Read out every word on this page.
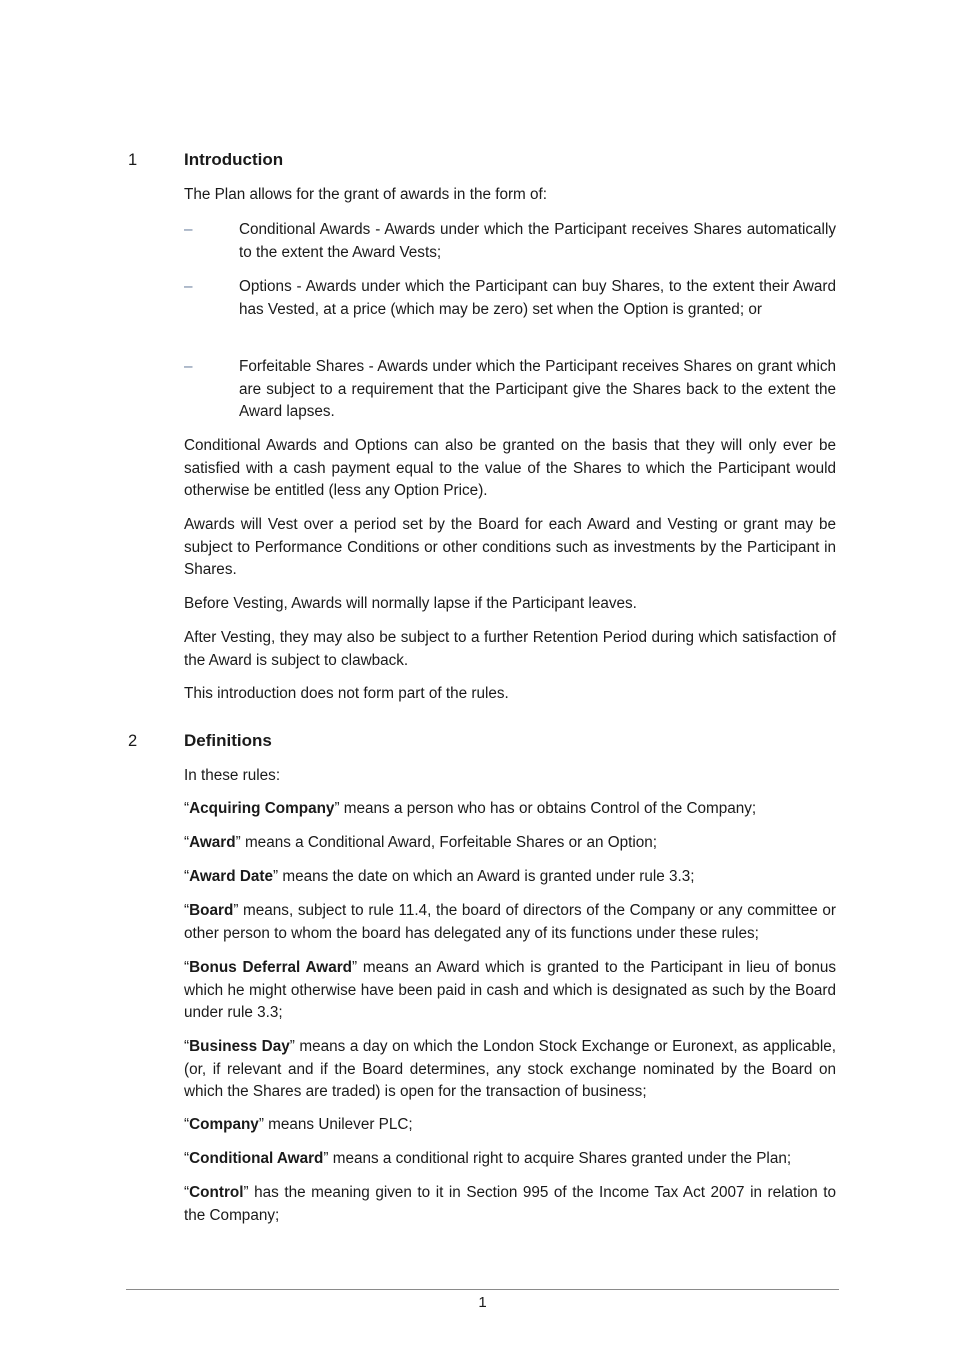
1	Introduction

The Plan allows for the grant of awards in the form of:

–	Conditional Awards - Awards under which the Participant receives Shares automatically to the extent the Award Vests;

–	Options - Awards under which the Participant can buy Shares, to the extent their Award has Vested, at a price (which may be zero) set when the Option is granted; or

–	Forfeitable Shares - Awards under which the Participant receives Shares on grant which are subject to a requirement that the Participant give the Shares back to the extent the Award lapses.

Conditional Awards and Options can also be granted on the basis that they will only ever be satisfied with a cash payment equal to the value of the Shares to which the Participant would otherwise be entitled (less any Option Price).

Awards will Vest over a period set by the Board for each Award and Vesting or grant may be subject to Performance Conditions or other conditions such as investments by the Participant in Shares.

Before Vesting, Awards will normally lapse if the Participant leaves.

After Vesting, they may also be subject to a further Retention Period during which satisfaction of the Award is subject to clawback.

This introduction does not form part of the rules.

2	Definitions

In these rules:

“Acquiring Company” means a person who has or obtains Control of the Company;

“Award” means a Conditional Award, Forfeitable Shares or an Option;

“Award Date” means the date on which an Award is granted under rule 3.3;

“Board” means, subject to rule 11.4, the board of directors of the Company or any committee or other person to whom the board has delegated any of its functions under these rules;

“Bonus Deferral Award” means an Award which is granted to the Participant in lieu of bonus which he might otherwise have been paid in cash and which is designated as such by the Board under rule 3.3;

“Business Day” means a day on which the London Stock Exchange or Euronext, as applicable, (or, if relevant and if the Board determines, any stock exchange nominated by the Board on which the Shares are traded) is open for the transaction of business;

“Company” means Unilever PLC;

“Conditional Award” means a conditional right to acquire Shares granted under the Plan;

“Control” has the meaning given to it in Section 995 of the Income Tax Act 2007 in relation to the Company;

1
